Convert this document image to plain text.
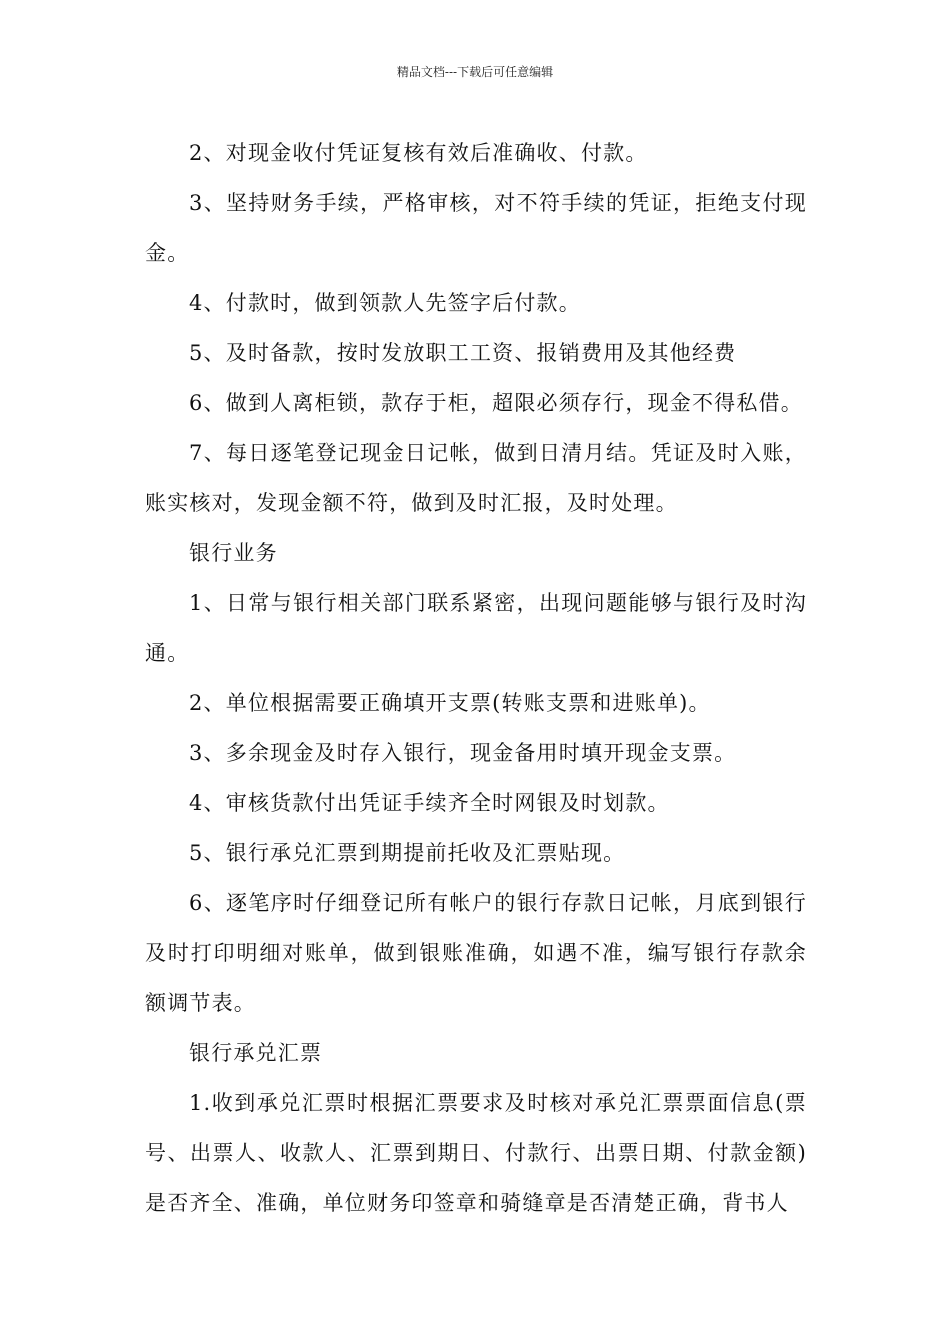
精品文档---下载后可任意编辑

2、对现金收付凭证复核有效后准确收、付款。

3、坚持财务手续，严格审核，对不符手续的凭证，拒绝支付现金。

4、付款时，做到领款人先签字后付款。

5、及时备款，按时发放职工工资、报销费用及其他经费

6、做到人离柜锁，款存于柜，超限必须存行，现金不得私借。

7、每日逐笔登记现金日记帐，做到日清月结。凭证及时入账，账实核对，发现金额不符，做到及时汇报，及时处理。

银行业务

1、日常与银行相关部门联系紧密，出现问题能够与银行及时沟通。

2、单位根据需要正确填开支票(转账支票和进账单)。

3、多余现金及时存入银行，现金备用时填开现金支票。

4、审核货款付出凭证手续齐全时网银及时划款。

5、银行承兑汇票到期提前托收及汇票贴现。

6、逐笔序时仔细登记所有帐户的银行存款日记帐，月底到银行及时打印明细对账单，做到银账准确，如遇不准，编写银行存款余额调节表。

银行承兑汇票

1.收到承兑汇票时根据汇票要求及时核对承兑汇票票面信息(票号、出票人、收款人、汇票到期日、付款行、出票日期、付款金额)是否齐全、准确，单位财务印签章和骑缝章是否清楚正确，背书人
